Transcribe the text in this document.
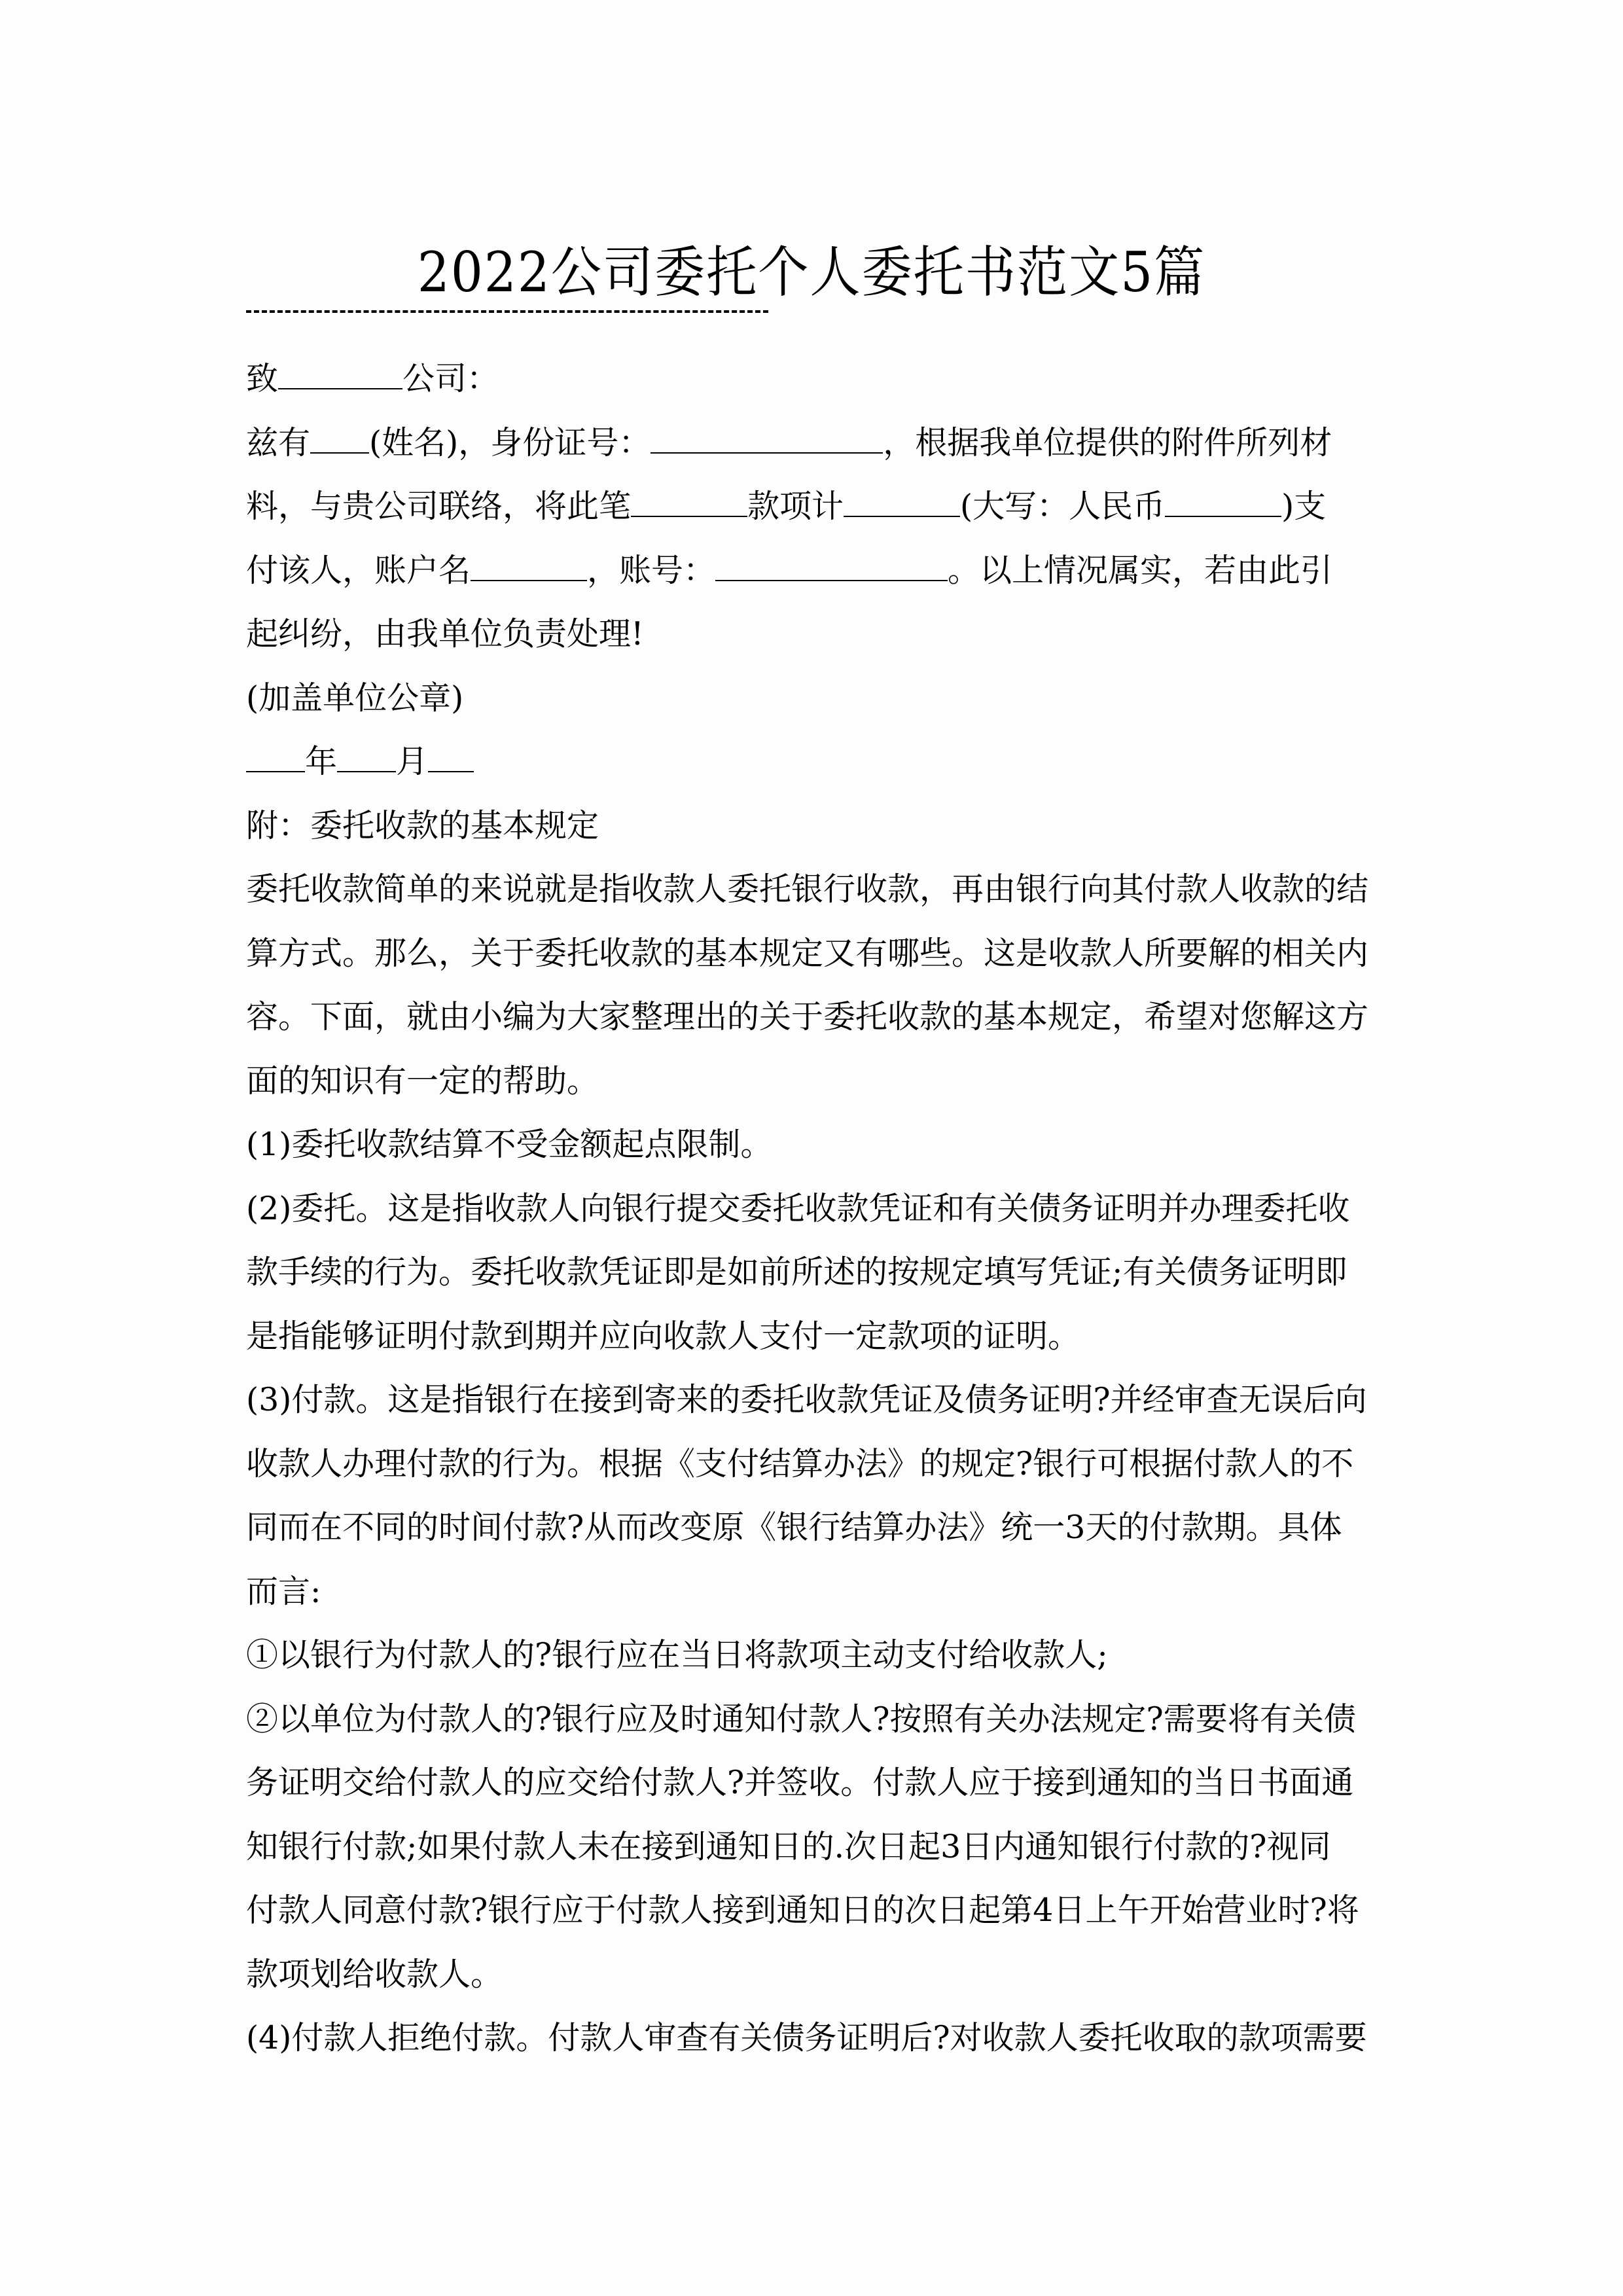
2022公司委托个人委托书范文5篇
致	公司：
兹有 (姓名)，身份证号：	，根据我单位提供的附件所列材
料，与贵公司联络，将此笔	款项计	(大写：人民币	)支
付该人，账户名	，账号：	。以上情况属实，若由此引
起纠纷，由我单位负责处理!
(加盖单位公章)
年 月
附：委托收款的基本规定
委托收款简单的来说就是指收款人委托银行收款，再由银行向其付款人收款的结
算方式。那么，关于委托收款的基本规定又有哪些。这是收款人所要解的相关内
容。下面，就由小编为大家整理出的关于委托收款的基本规定，希望对您解这方
面的知识有一定的帮助。
(1)委托收款结算不受金额起点限制。
(2)委托。这是指收款人向银行提交委托收款凭证和有关债务证明并办理委托收
款手续的行为。委托收款凭证即是如前所述的按规定填写凭证;有关债务证明即
是指能够证明付款到期并应向收款人支付一定款项的证明。
(3)付款。这是指银行在接到寄来的委托收款凭证及债务证明?并经审查无误后向
收款人办理付款的行为。根据《支付结算办法》的规定?银行可根据付款人的不
同而在不同的时间付款?从而改变原《银行结算办法》统一3天的付款期。具体
而言:
①以银行为付款人的?银行应在当日将款项主动支付给收款人;
②以单位为付款人的?银行应及时通知付款人?按照有关办法规定?需要将有关债
务证明交给付款人的应交给付款人?并签收。付款人应于接到通知的当日书面通
知银行付款;如果付款人未在接到通知日的.次日起3日内通知银行付款的?视同
付款人同意付款?银行应于付款人接到通知日的次日起第4日上午开始营业时?将
款项划给收款人。
(4)付款人拒绝付款。付款人审查有关债务证明后?对收款人委托收取的款项需要
